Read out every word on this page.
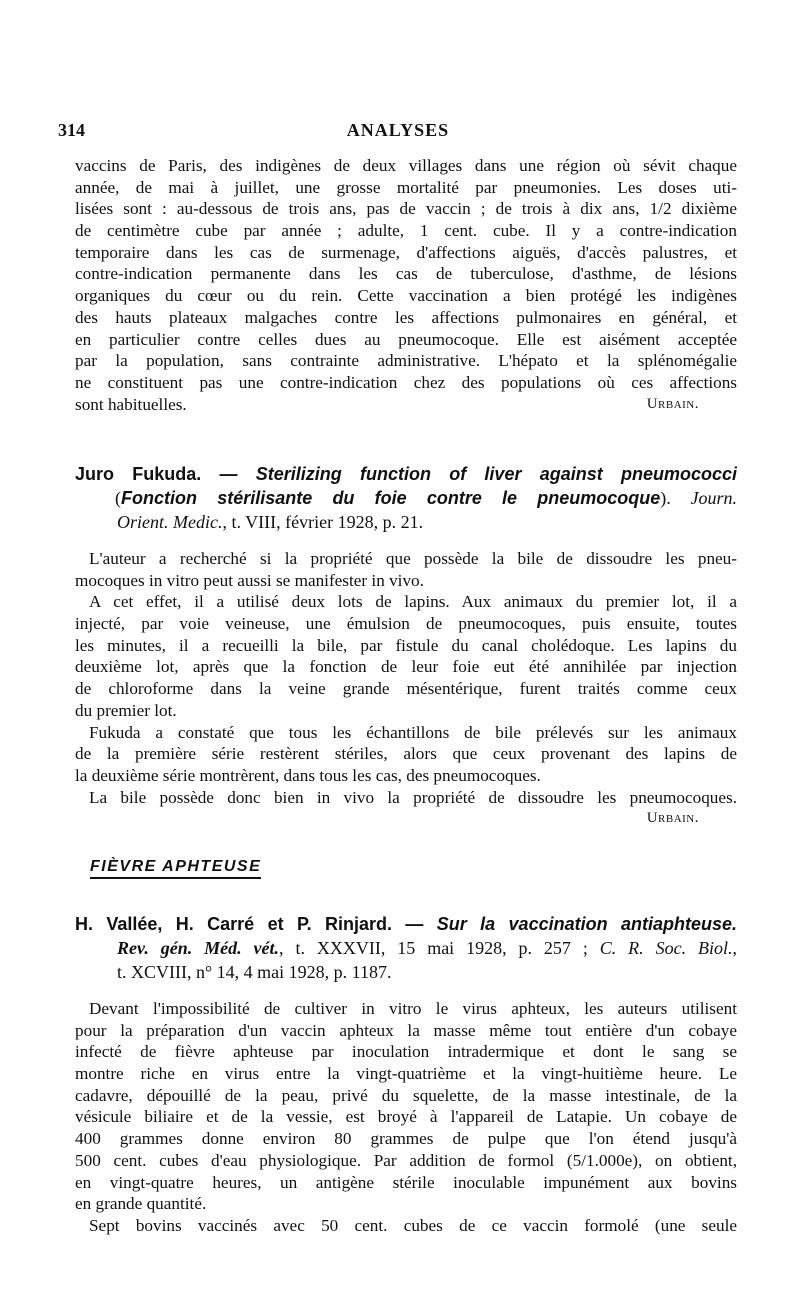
314	ANALYSES
vaccins de Paris, des indigènes de deux villages dans une région où sévit chaque
année, de mai à juillet, une grosse mortalité par pneumonies. Les doses uti-
lisées sont : au-dessous de trois ans, pas de vaccin ; de trois à dix ans, 1/2 dixième
de centimètre cube par année ; adulte, 1 cent. cube. Il y a contre-indication
temporaire dans les cas de surmenage, d'affections aiguës, d'accès palustres, et
contre-indication permanente dans les cas de tuberculose, d'asthme, de lésions
organiques du cœur ou du rein. Cette vaccination a bien protégé les indigènes
des hauts plateaux malgaches contre les affections pulmonaires en général, et
en particulier contre celles dues au pneumocoque. Elle est aisément acceptée
par la population, sans contrainte administrative. L'hépato et la splénomégalie
ne constituent pas une contre-indication chez des populations où ces affections
sont habituelles.	Urbain.
Juro Fukuda. — Sterilizing function of liver against pneumococci
(Fonction stérilisante du foie contre le pneumocoque). Journ.
Orient. Medic., t. VIII, février 1928, p. 21.
L'auteur a recherché si la propriété que possède la bile de dissoudre les pneu-
mocoques in vitro peut aussi se manifester in vivo.
A cet effet, il a utilisé deux lots de lapins. Aux animaux du premier lot, il a
injecté, par voie veineuse, une émulsion de pneumocoques, puis ensuite, toutes
les minutes, il a recueilli la bile, par fistule du canal cholédoque. Les lapins du
deuxième lot, après que la fonction de leur foie eut été annihilée par injection
de chloroforme dans la veine grande mésentérique, furent traités comme ceux
du premier lot.
Fukuda a constaté que tous les échantillons de bile prélevés sur les animaux
de la première série restèrent stériles, alors que ceux provenant des lapins de
la deuxième série montrèrent, dans tous les cas, des pneumocoques.
La bile possède donc bien in vivo la propriété de dissoudre les pneumocoques.
Urbain.
FIÈVRE APHTEUSE
H. Vallée, H. Carré et P. Rinjard. — Sur la vaccination antiaphteuse.
Rev. gén. Méd. vét., t. XXXVII, 15 mai 1928, p. 257 ; C. R. Soc. Biol.,
t. XCVIII, n° 14, 4 mai 1928, p. 1187.
Devant l'impossibilité de cultiver in vitro le virus aphteux, les auteurs utilisent
pour la préparation d'un vaccin aphteux la masse même tout entière d'un cobaye
infecté de fièvre aphteuse par inoculation intradermique et dont le sang se
montre riche en virus entre la vingt-quatrième et la vingt-huitième heure. Le
cadavre, dépouillé de la peau, privé du squelette, de la masse intestinale, de la
vésicule biliaire et de la vessie, est broyé à l'appareil de Latapie. Un cobaye de
400 grammes donne environ 80 grammes de pulpe que l'on étend jusqu'à
500 cent. cubes d'eau physiologique. Par addition de formol (5/1.000e), on obtient,
en vingt-quatre heures, un antigène stérile inoculable impunément aux bovins
en grande quantité.
Sept bovins vaccinés avec 50 cent. cubes de ce vaccin formolé (une seule
